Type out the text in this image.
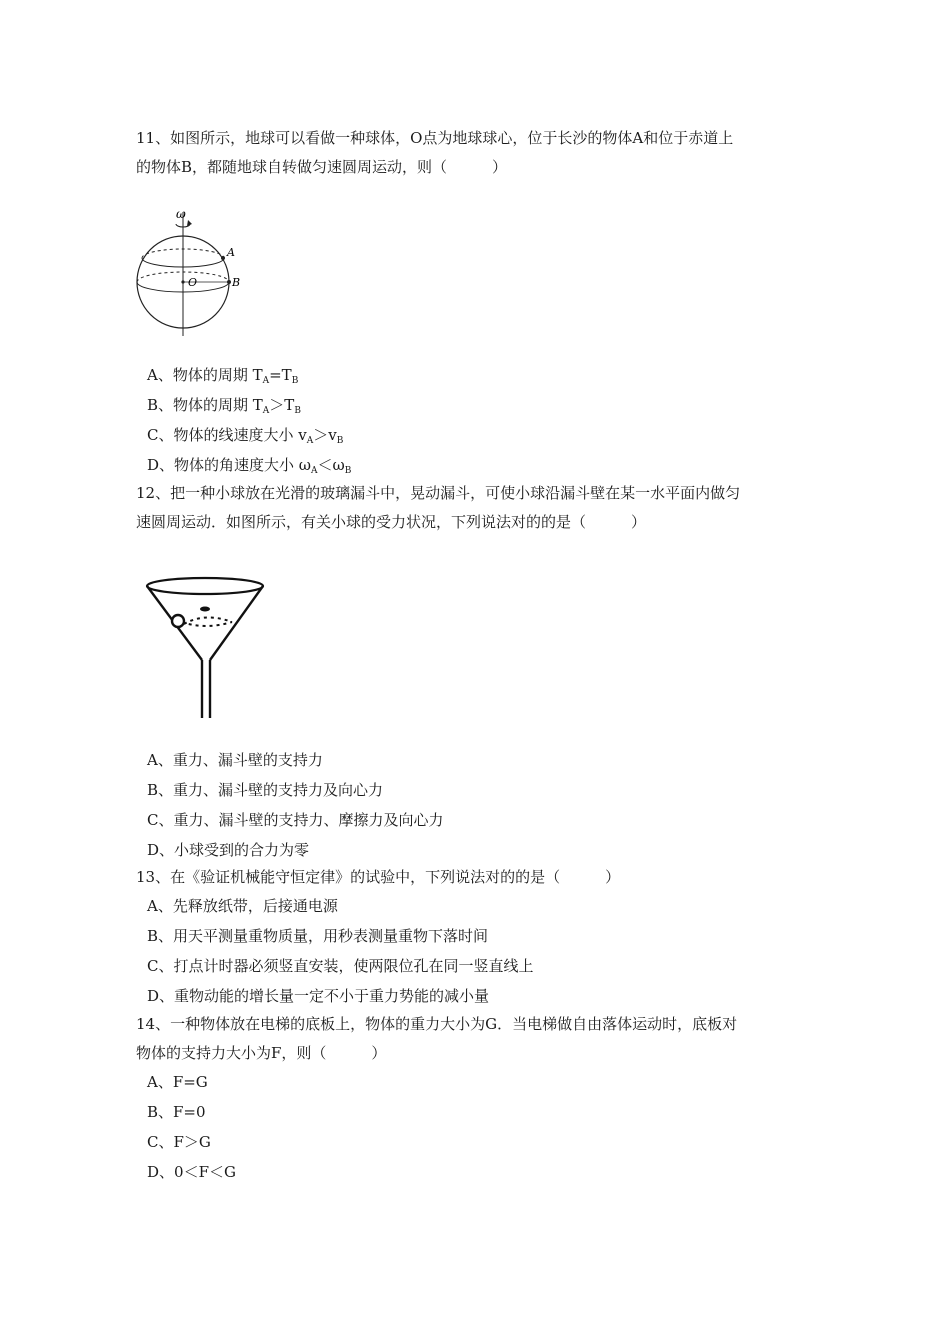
11、如图所示，地球可以看做一种球体，O点为地球球心，位于长沙的物体A和位于赤道上
的物体B，都随地球自转做匀速圆周运动，则（　　　）
ω
A
O	B
A、物体的周期 $T_A=T_B$
B、物体的周期 $T_A>T_B$
C、物体的线速度大小 $v_A>v_B$
D、物体的角速度大小 $\omega_A<\omega_B$
12、把一种小球放在光滑的玻璃漏斗中，晃动漏斗，可使小球沿漏斗壁在某一水平面内做匀
速圆周运动．如图所示，有关小球的受力状况，下列说法对的的是（　　　）
A、重力、漏斗壁的支持力
B、重力、漏斗壁的支持力及向心力
C、重力、漏斗壁的支持力、摩擦力及向心力
D、小球受到的合力为零
13、在《验证机械能守恒定律》的试验中，下列说法对的的是（　　　）
A、先释放纸带，后接通电源
B、用天平测量重物质量，用秒表测量重物下落时间
C、打点计时器必须竖直安装，使两限位孔在同一竖直线上
D、重物动能的增长量一定不小于重力势能的减小量
14、一种物体放在电梯的底板上，物体的重力大小为G．当电梯做自由落体运动时，底板对
物体的支持力大小为F，则（　　　）
A、F=G
B、F=0
C、F＞G
D、0＜F＜G
